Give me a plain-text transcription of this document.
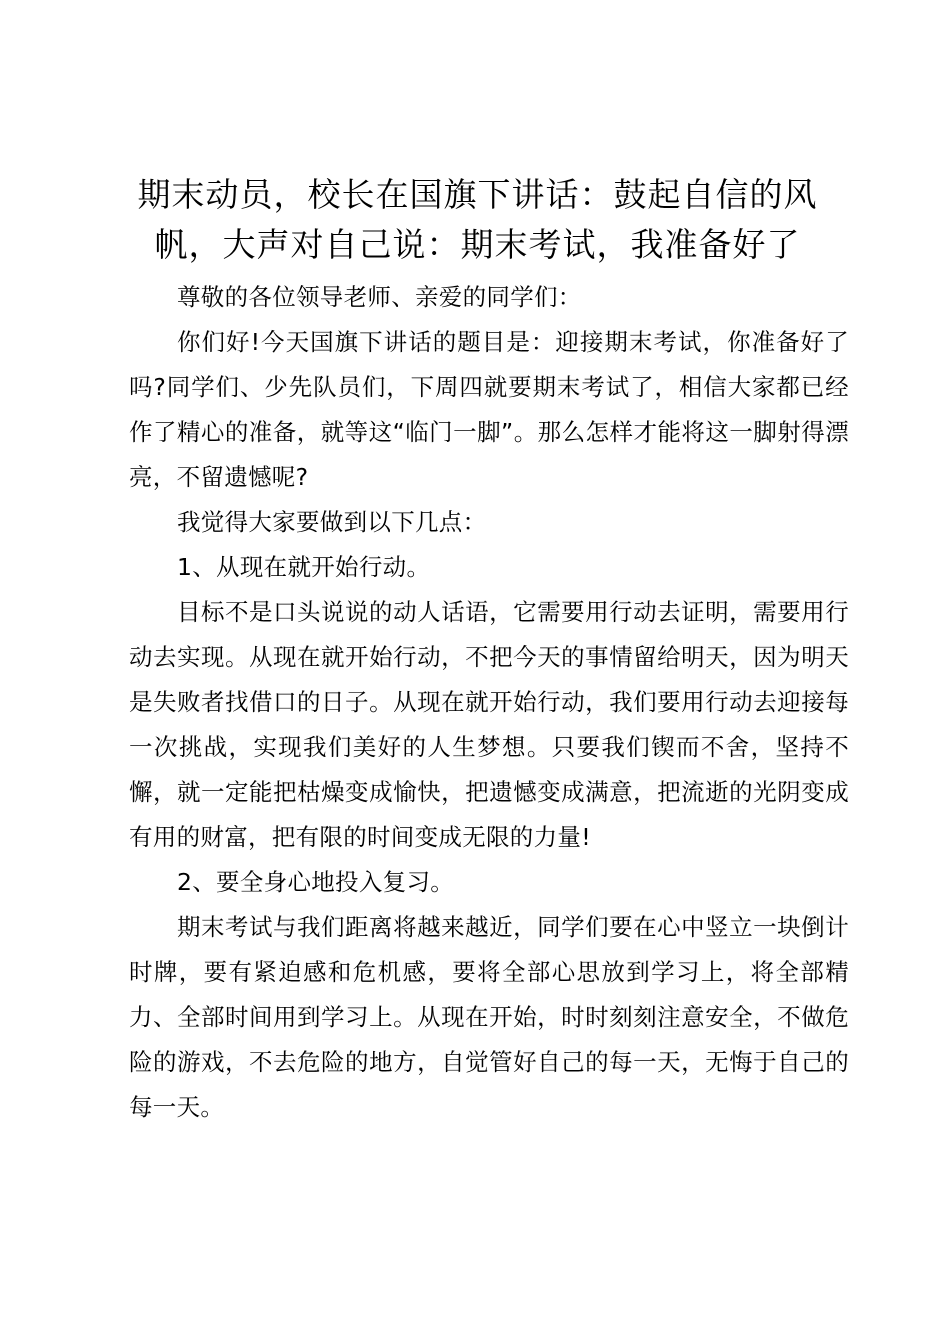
期末动员，校长在国旗下讲话：鼓起自信的风帆，大声对自己说：期末考试，我准备好了

尊敬的各位领导老师、亲爱的同学们：

你们好!今天国旗下讲话的题目是：迎接期末考试，你准备好了吗?同学们、少先队员们，下周四就要期末考试了，相信大家都已经作了精心的准备，就等这“临门一脚”。那么怎样才能将这一脚射得漂亮，不留遗憾呢?

我觉得大家要做到以下几点：

1、从现在就开始行动。

目标不是口头说说的动人话语，它需要用行动去证明，需要用行动去实现。从现在就开始行动，不把今天的事情留给明天，因为明天是失败者找借口的日子。从现在就开始行动，我们要用行动去迎接每一次挑战，实现我们美好的人生梦想。只要我们锲而不舍，坚持不懈，就一定能把枯燥变成愉快，把遗憾变成满意，把流逝的光阴变成有用的财富，把有限的时间变成无限的力量!

2、要全身心地投入复习。

期末考试与我们距离将越来越近，同学们要在心中竖立一块倒计时牌，要有紧迫感和危机感，要将全部心思放到学习上，将全部精力、全部时间用到学习上。从现在开始，时时刻刻注意安全，不做危险的游戏，不去危险的地方，自觉管好自己的每一天，无悔于自己的每一天。
